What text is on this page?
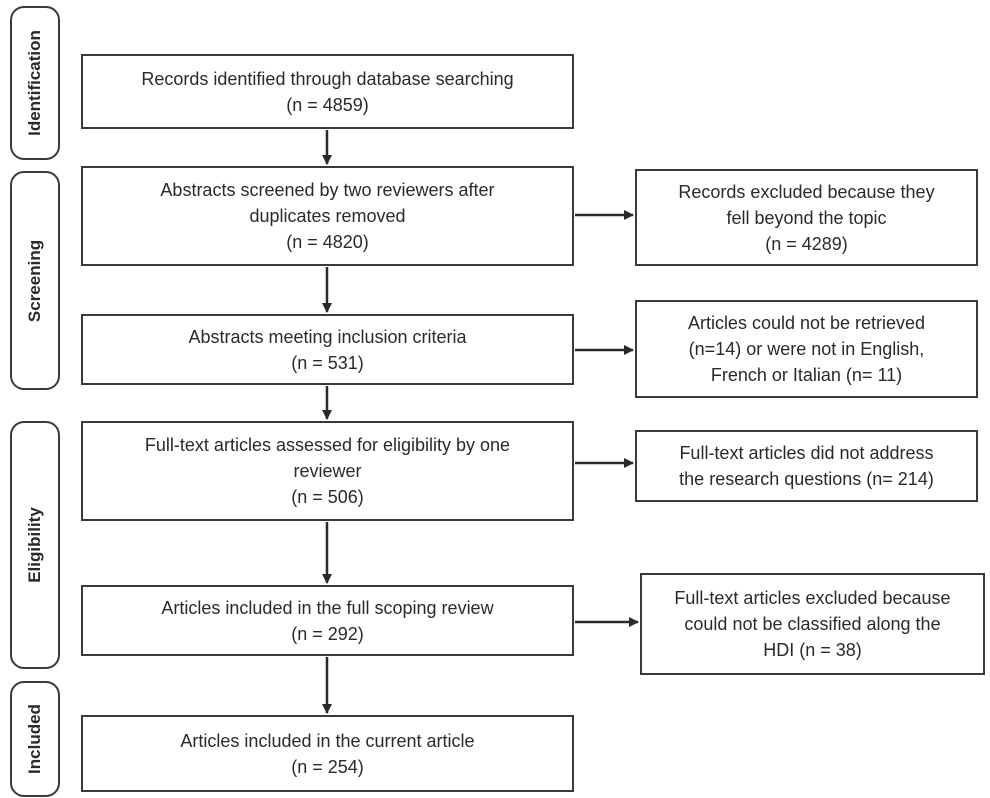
Identification
Screening
Eligibility
Included
Records identified through database searching
(n = 4859)
Abstracts screened by two reviewers after
duplicates removed
(n = 4820)
Abstracts meeting inclusion criteria
(n = 531)
Full-text articles assessed for eligibility by one
reviewer
(n = 506)
Articles included in the full scoping review
(n = 292)
Articles included in the current article
(n = 254)
Records excluded because they
fell beyond the topic
(n = 4289)
Articles could not be retrieved
(n=14) or were not in English,
French or Italian (n= 11)
Full-text articles did not address
the research questions (n= 214)
Full-text articles excluded because
could not be classified along the
HDI (n = 38)
